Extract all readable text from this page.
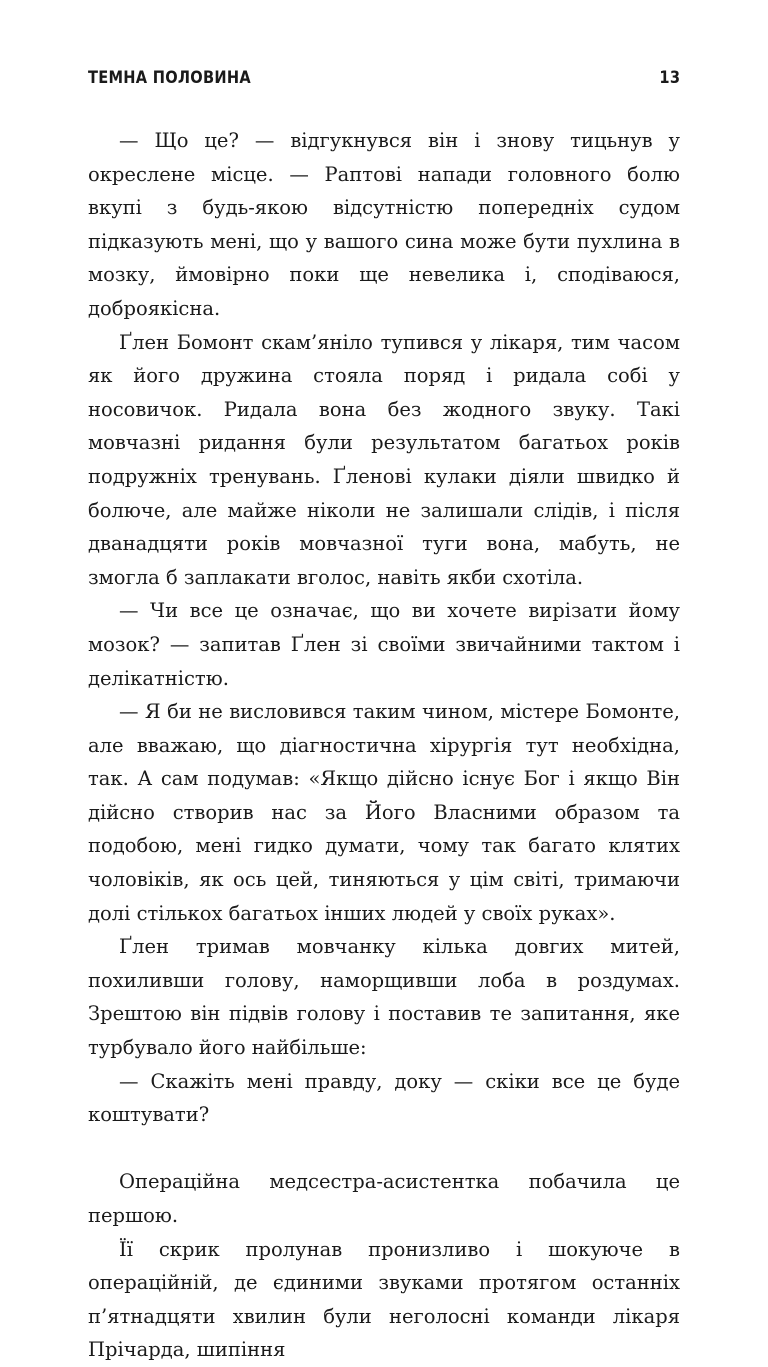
ТЕМНА ПОЛОВИНА	13

— Що це? — відгукнувся він і знову тицьнув у окреслене місце. — Раптові напади головного болю вкупі з будь-якою відсутністю попередніх судом підказують мені, що у вашого сина може бути пухлина в мозку, ймовірно поки ще невелика і, сподіваюся, доброякісна.

Ґлен Бомонт скам’яніло тупився у лікаря, тим часом як його дружина стояла поряд і ридала собі у носовичок. Ридала вона без жодного звуку. Такі мовчазні ридання були результатом багатьох років подружніх тренувань. Ґленові кулаки діяли швидко й болюче, але майже ніколи не залишали слідів, і після дванадцяти років мовчазної туги вона, мабуть, не змогла б заплакати вголос, навіть якби схотіла.

— Чи все це означає, що ви хочете вирізати йому мозок? — запитав Ґлен зі своїми звичайними тактом і делікатністю.

— Я би не висловився таким чином, містере Бомонте, але вважаю, що діагностична хірургія тут необхідна, так. А сам подумав: «Якщо дійсно існує Бог і якщо Він дійсно створив нас за Його Власними образом та подобою, мені гидко думати, чому так багато клятих чоловіків, як ось цей, тиняються у цім світі, тримаючи долі стількох багатьох інших людей у своїх руках».

Ґлен тримав мовчанку кілька довгих митей, похиливши голову, наморщивши лоба в роздумах. Зрештою він підвів голову і поставив те запитання, яке турбувало його найбільше:

— Скажіть мені правду, доку — скіки все це буде коштувати?

Операційна медсестра-асистентка побачила це першою.

Її скрик пролунав пронизливо і шокуюче в операційній, де єдиними звуками протягом останніх п’ятнадцяти хвилин були неголосні команди лікаря Прічарда, шипіння
